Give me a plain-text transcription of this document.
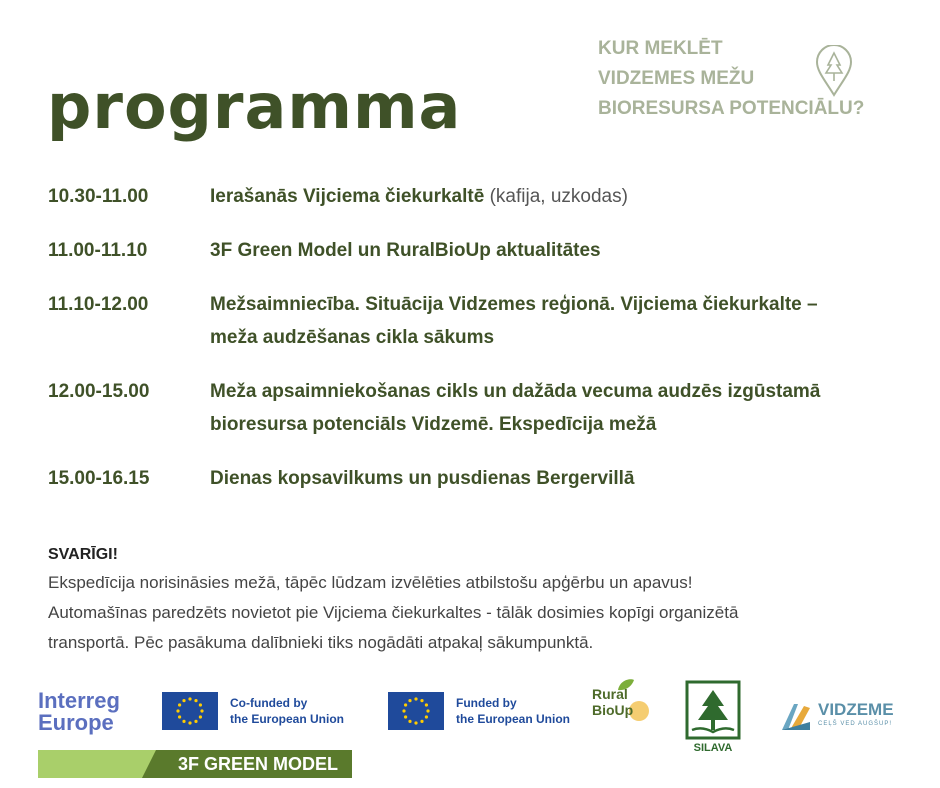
programma
KUR MEKLĒT
VIDZEMES MEŽU
BIORESURSA POTENCIĀLU?
10.30-11.00	Ierašanās Vijciema čiekurkaltē (kafija, uzkodas)
11.00-11.10	3F Green Model un RuralBioUp aktualitātes
11.10-12.00	Mežsaimniecība. Situācija Vidzemes reģionā. Vijciema čiekurkalte – meža audzēšanas cikla sākums
12.00-15.00	Meža apsaimniekošanas cikls un dažāda vecuma audzēs izgūstamā bioresursa potenciāls Vidzemē. Ekspedīcija mežā
15.00-16.15	Dienas kopsavilkums un pusdienas Bergervillā
SVARĪGI!

Ekspedīcija norisināsies mežā, tāpēc lūdzam izvēlēties atbilstošu apģērbu un apavus!

Automašīnas paredzēts novietot pie Vijciema čiekurkaltes - tālāk dosimies kopīgi organizētā

transportā. Pēc pasākuma dalībnieki tiks nogādāti atpakaļ sākumpunktā.

Interreg
Europe
Co-funded by
the European Union
Funded by
the European Union
3F GREEN MODEL
Rural
BioUp
SILAVA
VIDZEME
CEĻŠ VED AUGŠUP!
